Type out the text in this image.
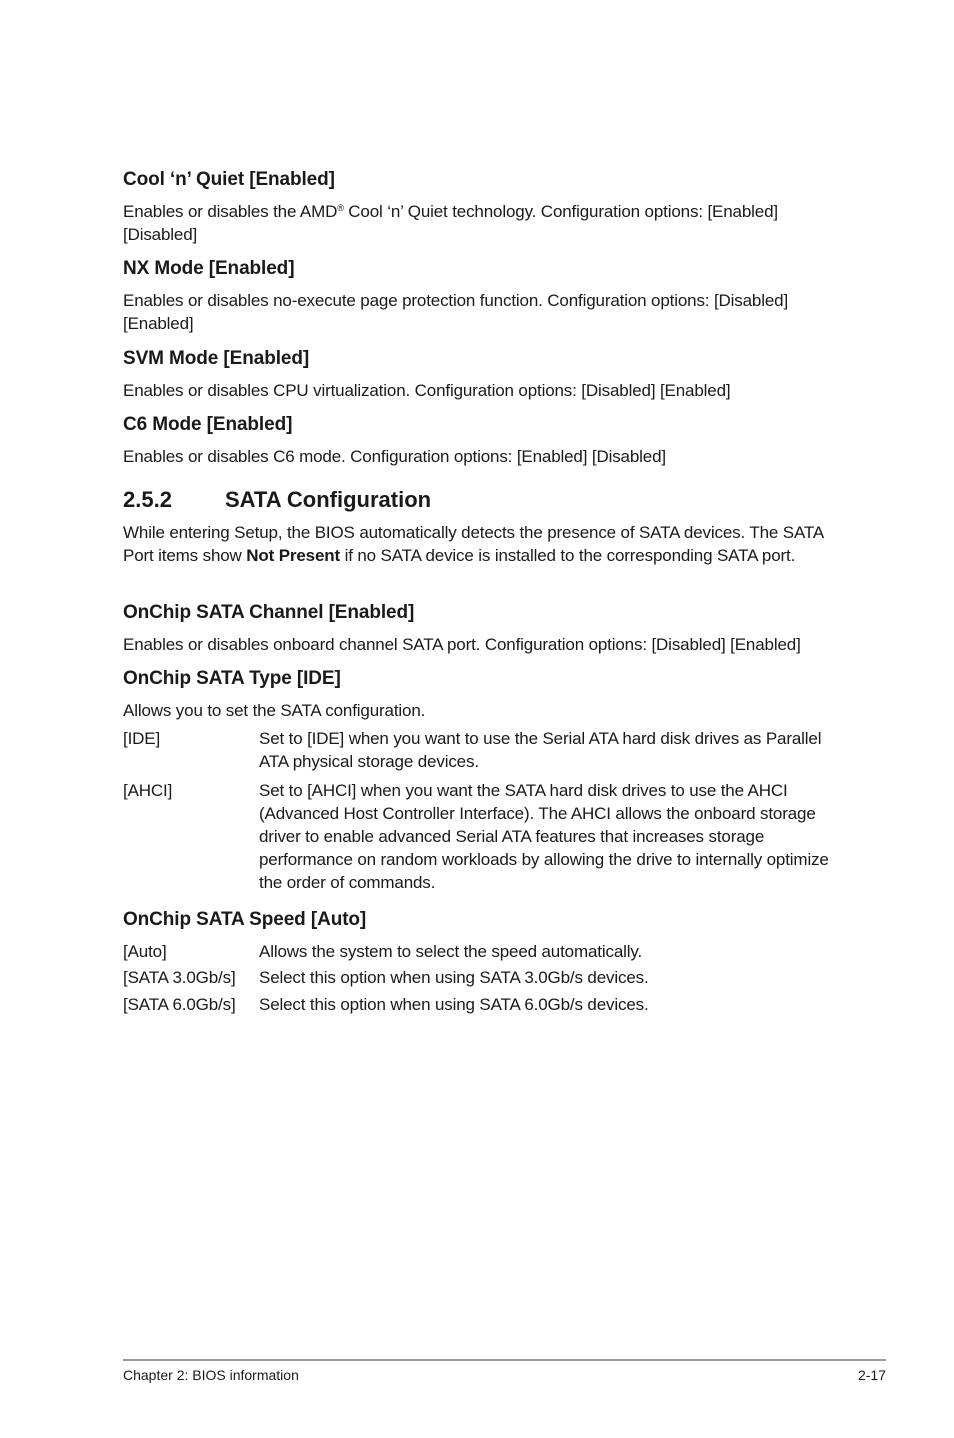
Cool ‘n’ Quiet [Enabled]

Enables or disables the AMD® Cool ‘n’ Quiet technology. Configuration options: [Enabled] [Disabled]

NX Mode [Enabled]

Enables or disables no-execute page protection function. Configuration options: [Disabled] [Enabled]

SVM Mode [Enabled]

Enables or disables CPU virtualization. Configuration options: [Disabled] [Enabled]

C6 Mode [Enabled]

Enables or disables C6 mode. Configuration options: [Enabled] [Disabled]

2.5.2 SATA Configuration

While entering Setup, the BIOS automatically detects the presence of SATA devices. The SATA Port items show Not Present if no SATA device is installed to the corresponding SATA port.

OnChip SATA Channel [Enabled]

Enables or disables onboard channel SATA port. Configuration options: [Disabled] [Enabled]

OnChip SATA Type [IDE]

Allows you to set the SATA configuration.

[IDE]	Set to [IDE] when you want to use the Serial ATA hard disk drives as Parallel ATA physical storage devices.
[AHCI]	Set to [AHCI] when you want the SATA hard disk drives to use the AHCI (Advanced Host Controller Interface). The AHCI allows the onboard storage driver to enable advanced Serial ATA features that increases storage performance on random workloads by allowing the drive to internally optimize the order of commands.
OnChip SATA Speed [Auto]
[Auto]	Allows the system to select the speed automatically.
[SATA 3.0Gb/s] Select this option when using SATA 3.0Gb/s devices.
[SATA 6.0Gb/s] Select this option when using SATA 6.0Gb/s devices.
Chapter 2: BIOS information	2-17
